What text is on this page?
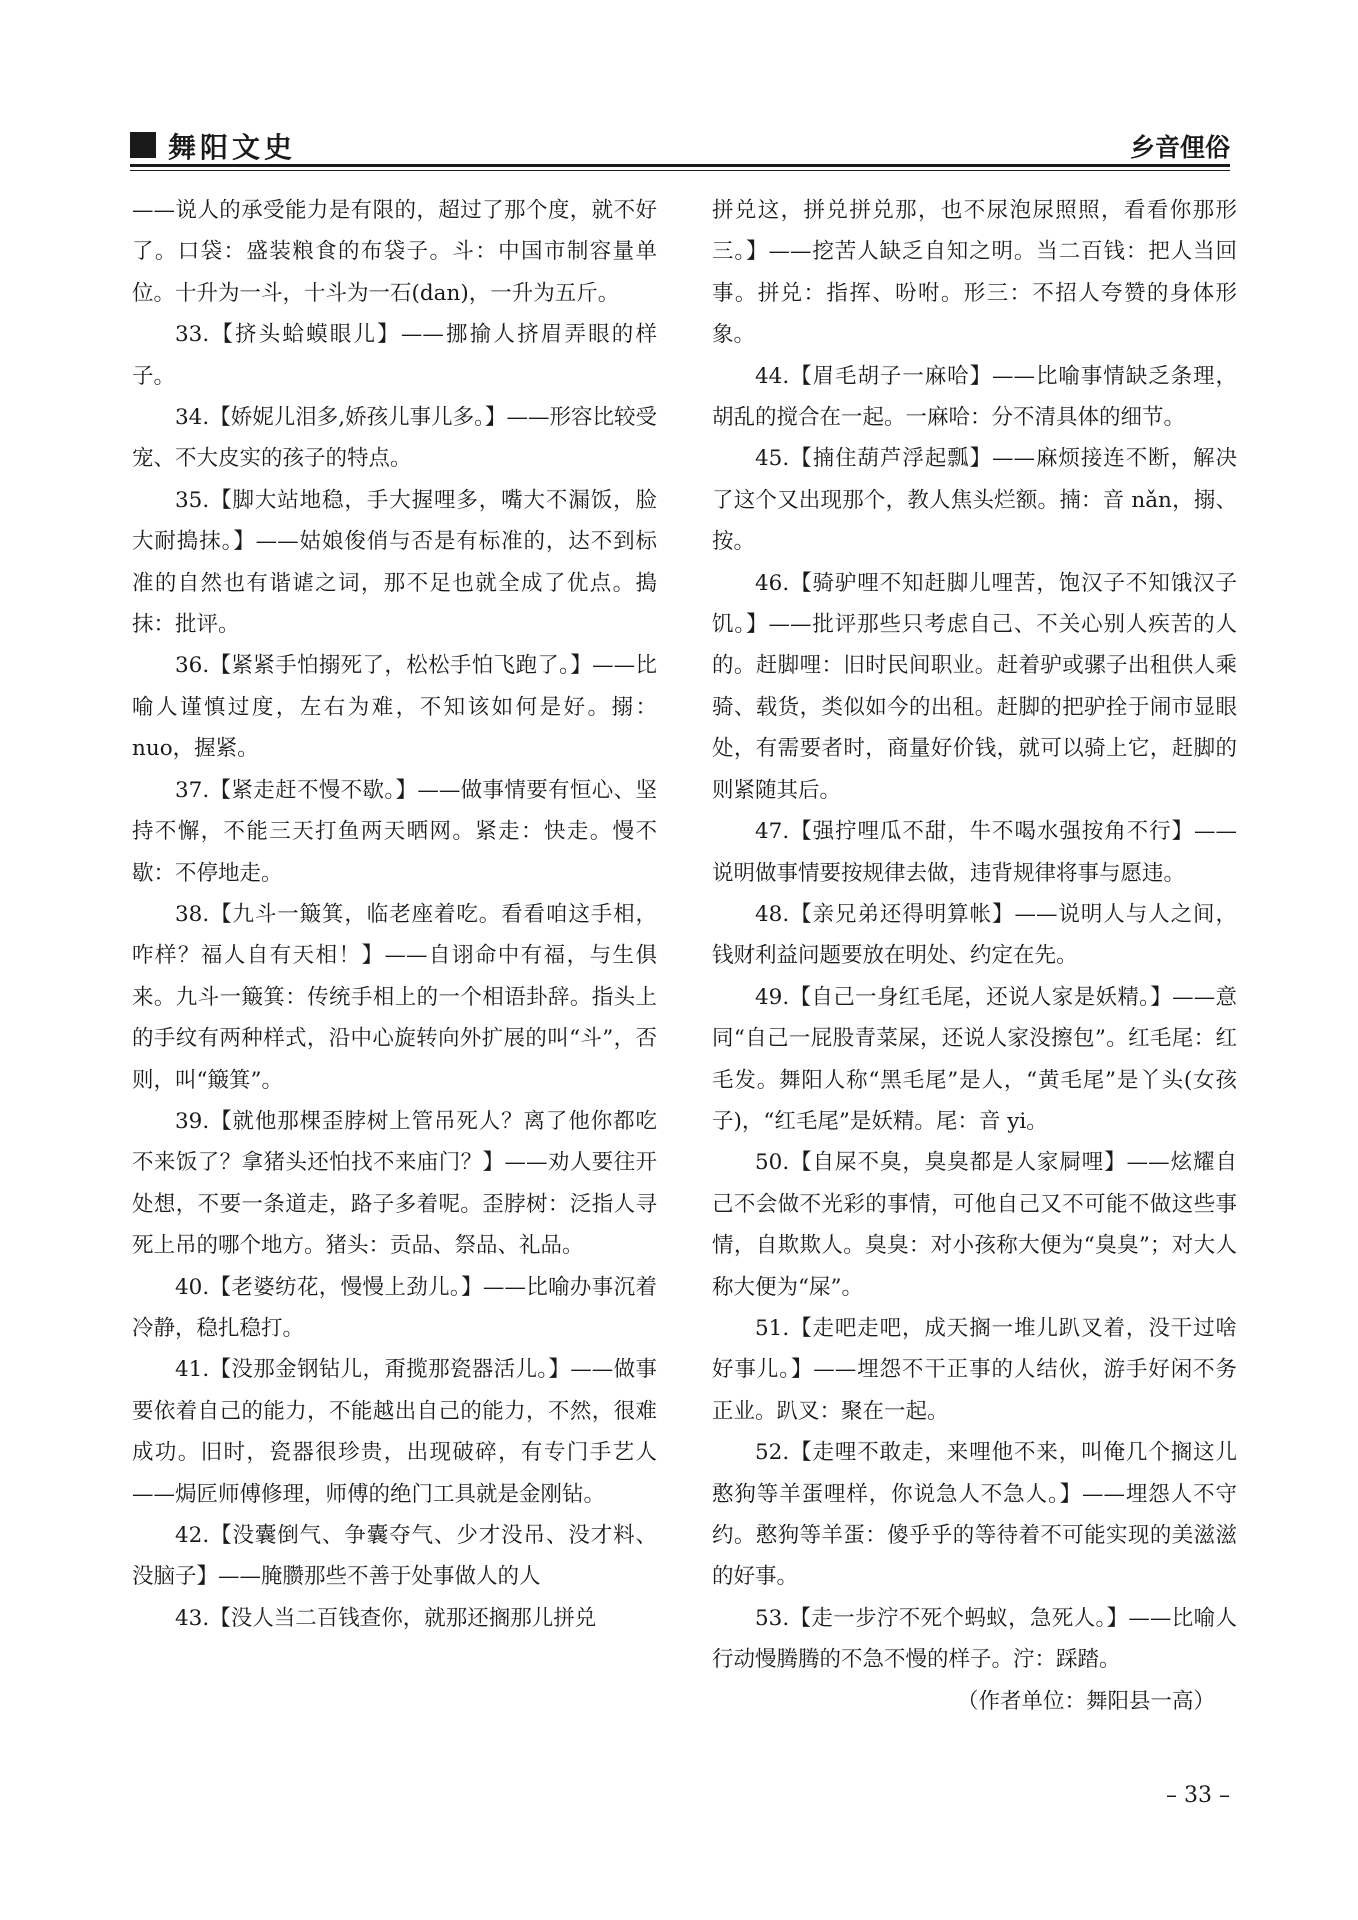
舞阳文史	乡音俚俗

——说人的承受能力是有限的，超过了那个度，就不好了。口袋：盛装粮食的布袋子。斗：中国市制容量单位。十升为一斗，十斗为一石(dan)，一升为五斤。

33.【挤头蛤蟆眼儿】——挪揄人挤眉弄眼的样子。

34.【娇妮儿泪多,娇孩儿事儿多。】——形容比较受宠、不大皮实的孩子的特点。

35.【脚大站地稳，手大握哩多，嘴大不漏饭，脸大耐搗抹。】——姑娘俊俏与否是有标准的，达不到标准的自然也有谐谑之词，那不足也就全成了优点。搗抹：批评。

36.【紧紧手怕搦死了，松松手怕飞跑了。】——比喻人谨慎过度，左右为难，不知该如何是好。搦：nuo，握紧。

37.【紧走赶不慢不歇。】——做事情要有恒心、坚持不懈，不能三天打鱼两天晒网。紧走：快走。慢不歇：不停地走。

38.【九斗一簸箕，临老座着吃。看看咱这手相，咋样？福人自有天相！】——自诩命中有福，与生俱来。九斗一簸箕：传统手相上的一个相语卦辞。指头上的手纹有两种样式，沿中心旋转向外扩展的叫“斗”，否则，叫“簸箕”。

39.【就他那棵歪脖树上管吊死人？离了他你都吃不来饭了？拿猪头还怕找不来庙门？】——劝人要往开处想，不要一条道走，路子多着呢。歪脖树：泛指人寻死上吊的哪个地方。猪头：贡品、祭品、礼品。

40.【老婆纺花，慢慢上劲儿。】——比喻办事沉着冷静，稳扎稳打。

41.【没那金钢钻儿，甭揽那瓷器活儿。】——做事要依着自己的能力，不能越出自己的能力，不然，很难成功。旧时，瓷器很珍贵，出现破碎，有专门手艺人——焗匠师傅修理，师傅的绝门工具就是金刚钻。

42.【没囊倒气、争囊夺气、少才没吊、没才料、没脑子】——腌臜那些不善于处事做人的人

43.【没人当二百钱查你，就那还搁那儿拼兑

拼兑这，拼兑拼兑那，也不尿泡尿照照，看看你那形三。】——挖苦人缺乏自知之明。当二百钱：把人当回事。拼兑：指挥、吩咐。形三：不招人夸赞的身体形象。

44.【眉毛胡子一麻哈】——比喻事情缺乏条理，胡乱的搅合在一起。一麻哈：分不清具体的细节。

45.【揇住葫芦浮起瓢】——麻烦接连不断，解决了这个又出现那个，教人焦头烂额。揇：音 nǎn，搦、按。

46.【骑驴哩不知赶脚儿哩苦，饱汉子不知饿汉子饥。】——批评那些只考虑自己、不关心别人疾苦的人的。赶脚哩：旧时民间职业。赶着驴或骡子出租供人乘骑、载货，类似如今的出租。赶脚的把驴拴于闹市显眼处，有需要者时，商量好价钱，就可以骑上它，赶脚的则紧随其后。

47.【强拧哩瓜不甜，牛不喝水强按角不行】——说明做事情要按规律去做，违背规律将事与愿违。

48.【亲兄弟还得明算帐】——说明人与人之间，钱财利益问题要放在明处、约定在先。

49.【自己一身红毛尾，还说人家是妖精。】——意同“自己一屁股青菜屎，还说人家没擦包”。红毛尾：红毛发。舞阳人称“黑毛尾”是人，“黄毛尾”是丫头(女孩子)，“红毛尾”是妖精。尾：音 yi。

50.【自屎不臭，臭臭都是人家屙哩】——炫耀自己不会做不光彩的事情，可他自己又不可能不做这些事情，自欺欺人。臭臭：对小孩称大便为“臭臭”；对大人称大便为“屎”。

51.【走吧走吧，成天搁一堆儿趴叉着，没干过啥好事儿。】——埋怨不干正事的人结伙，游手好闲不务正业。趴叉：聚在一起。

52.【走哩不敢走，来哩他不来，叫俺几个搁这儿憨狗等羊蛋哩样，你说急人不急人。】——埋怨人不守约。憨狗等羊蛋：傻乎乎的等待着不可能实现的美滋滋的好事。

53.【走一步泞不死个蚂蚁，急死人。】——比喻人行动慢腾腾的不急不慢的样子。泞：踩踏。

（作者单位：舞阳县一高）
– 33 –
